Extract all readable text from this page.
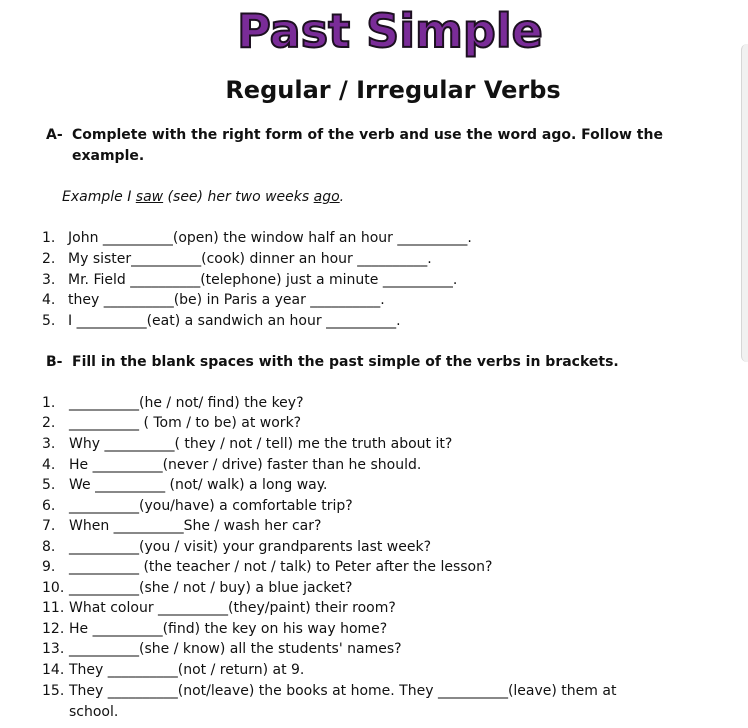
Past Simple
Regular / Irregular Verbs
A- Complete with the right form of the verb and use the word ago. Follow the example.
Example I saw (see) her two weeks ago.
1. John __________(open) the window half an hour __________.
2. My sister__________(cook) dinner an hour __________.
3. Mr. Field __________(telephone) just a minute __________.
4. they __________(be) in Paris a year __________.
5. I __________(eat) a sandwich an hour __________.
B- Fill in the blank spaces with the past simple of the verbs in brackets.
1. __________(he / not/ find) the key?
2. __________ ( Tom / to be) at work?
3. Why __________( they / not / tell) me the truth about it?
4. He __________(never / drive) faster than he should.
5. We __________ (not/ walk) a long way.
6. __________(you/have) a comfortable trip?
7. When __________She / wash her car?
8. __________(you / visit) your grandparents last week?
9. __________ (the teacher / not / talk) to Peter after the lesson?
10. __________(she / not / buy) a blue jacket?
11. What colour __________(they/paint) their room?
12. He __________(find) the key on his way home?
13. __________(she / know) all the students' names?
14. They __________(not / return) at 9.
15. They __________(not/leave) the books at home. They __________(leave) them at
school.
